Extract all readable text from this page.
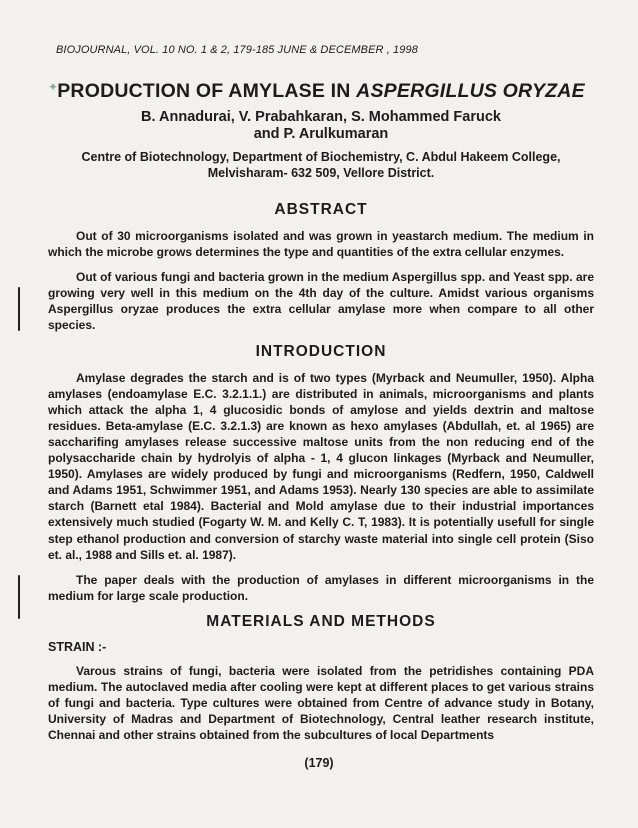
BIOJOURNAL, VOL. 10 NO. 1 & 2, 179-185 JUNE & DECEMBER , 1998

PRODUCTION OF AMYLASE IN ASPERGILLUS ORYZAE

B. Annadurai, V. Prabahkaran, S. Mohammed Faruck

and P. Arulkumaran

Centre of Biotechnology, Department of Biochemistry, C. Abdul Hakeem College,

Melvisharam- 632 509, Vellore District.

ABSTRACT

Out of 30 microorganisms isolated and was grown in yeastarch medium. The medium in which the microbe grows determines the type and quantities of the extra cellular enzymes.

Out of various fungi and bacteria grown in the medium Aspergillus spp. and Yeast spp. are growing very well in this medium on the 4th day of the culture. Amidst various organisms Aspergillus oryzae produces the extra cellular amylase more when compare to all other species.

INTRODUCTION

Amylase degrades the starch and is of two types (Myrback and Neumuller, 1950). Alpha amylases (endoamylase E.C. 3.2.1.1.) are distributed in animals, microorganisms and plants which attack the alpha 1, 4 glucosidic bonds of amylose and yields dextrin and maltose residues. Beta-amylase (E.C. 3.2.1.3) are known as hexo amylases (Abdullah, et. al 1965) are saccharifing amylases release successive maltose units from the non reducing end of the polysaccharide chain by hydrolyis of alpha - 1, 4 glucon linkages (Myrback and Neumuller, 1950). Amylases are widely produced by fungi and microorganisms (Redfern, 1950, Caldwell and Adams 1951, Schwimmer 1951, and Adams 1953). Nearly 130 species are able to assimilate starch (Barnett etal 1984). Bacterial and Mold amylase due to their industrial importances extensively much studied (Fogarty W. M. and Kelly C. T, 1983). It is potentially usefull for single step ethanol production and conversion of starchy waste material into single cell protein (Siso et. al., 1988 and Sills et. al. 1987).

The paper deals with the production of amylases in different microorganisms in the medium for large scale production.

MATERIALS AND METHODS

STRAIN :-

Varous strains of fungi, bacteria were isolated from the petridishes containing PDA medium. The autoclaved media after cooling were kept at different places to get various strains of fungi and bacteria. Type cultures were obtained from Centre of advance study in Botany, University of Madras and Department of Biotechnology, Central leather research institute, Chennai and other strains obtained from the subcultures of local Departments

✦
(179)
